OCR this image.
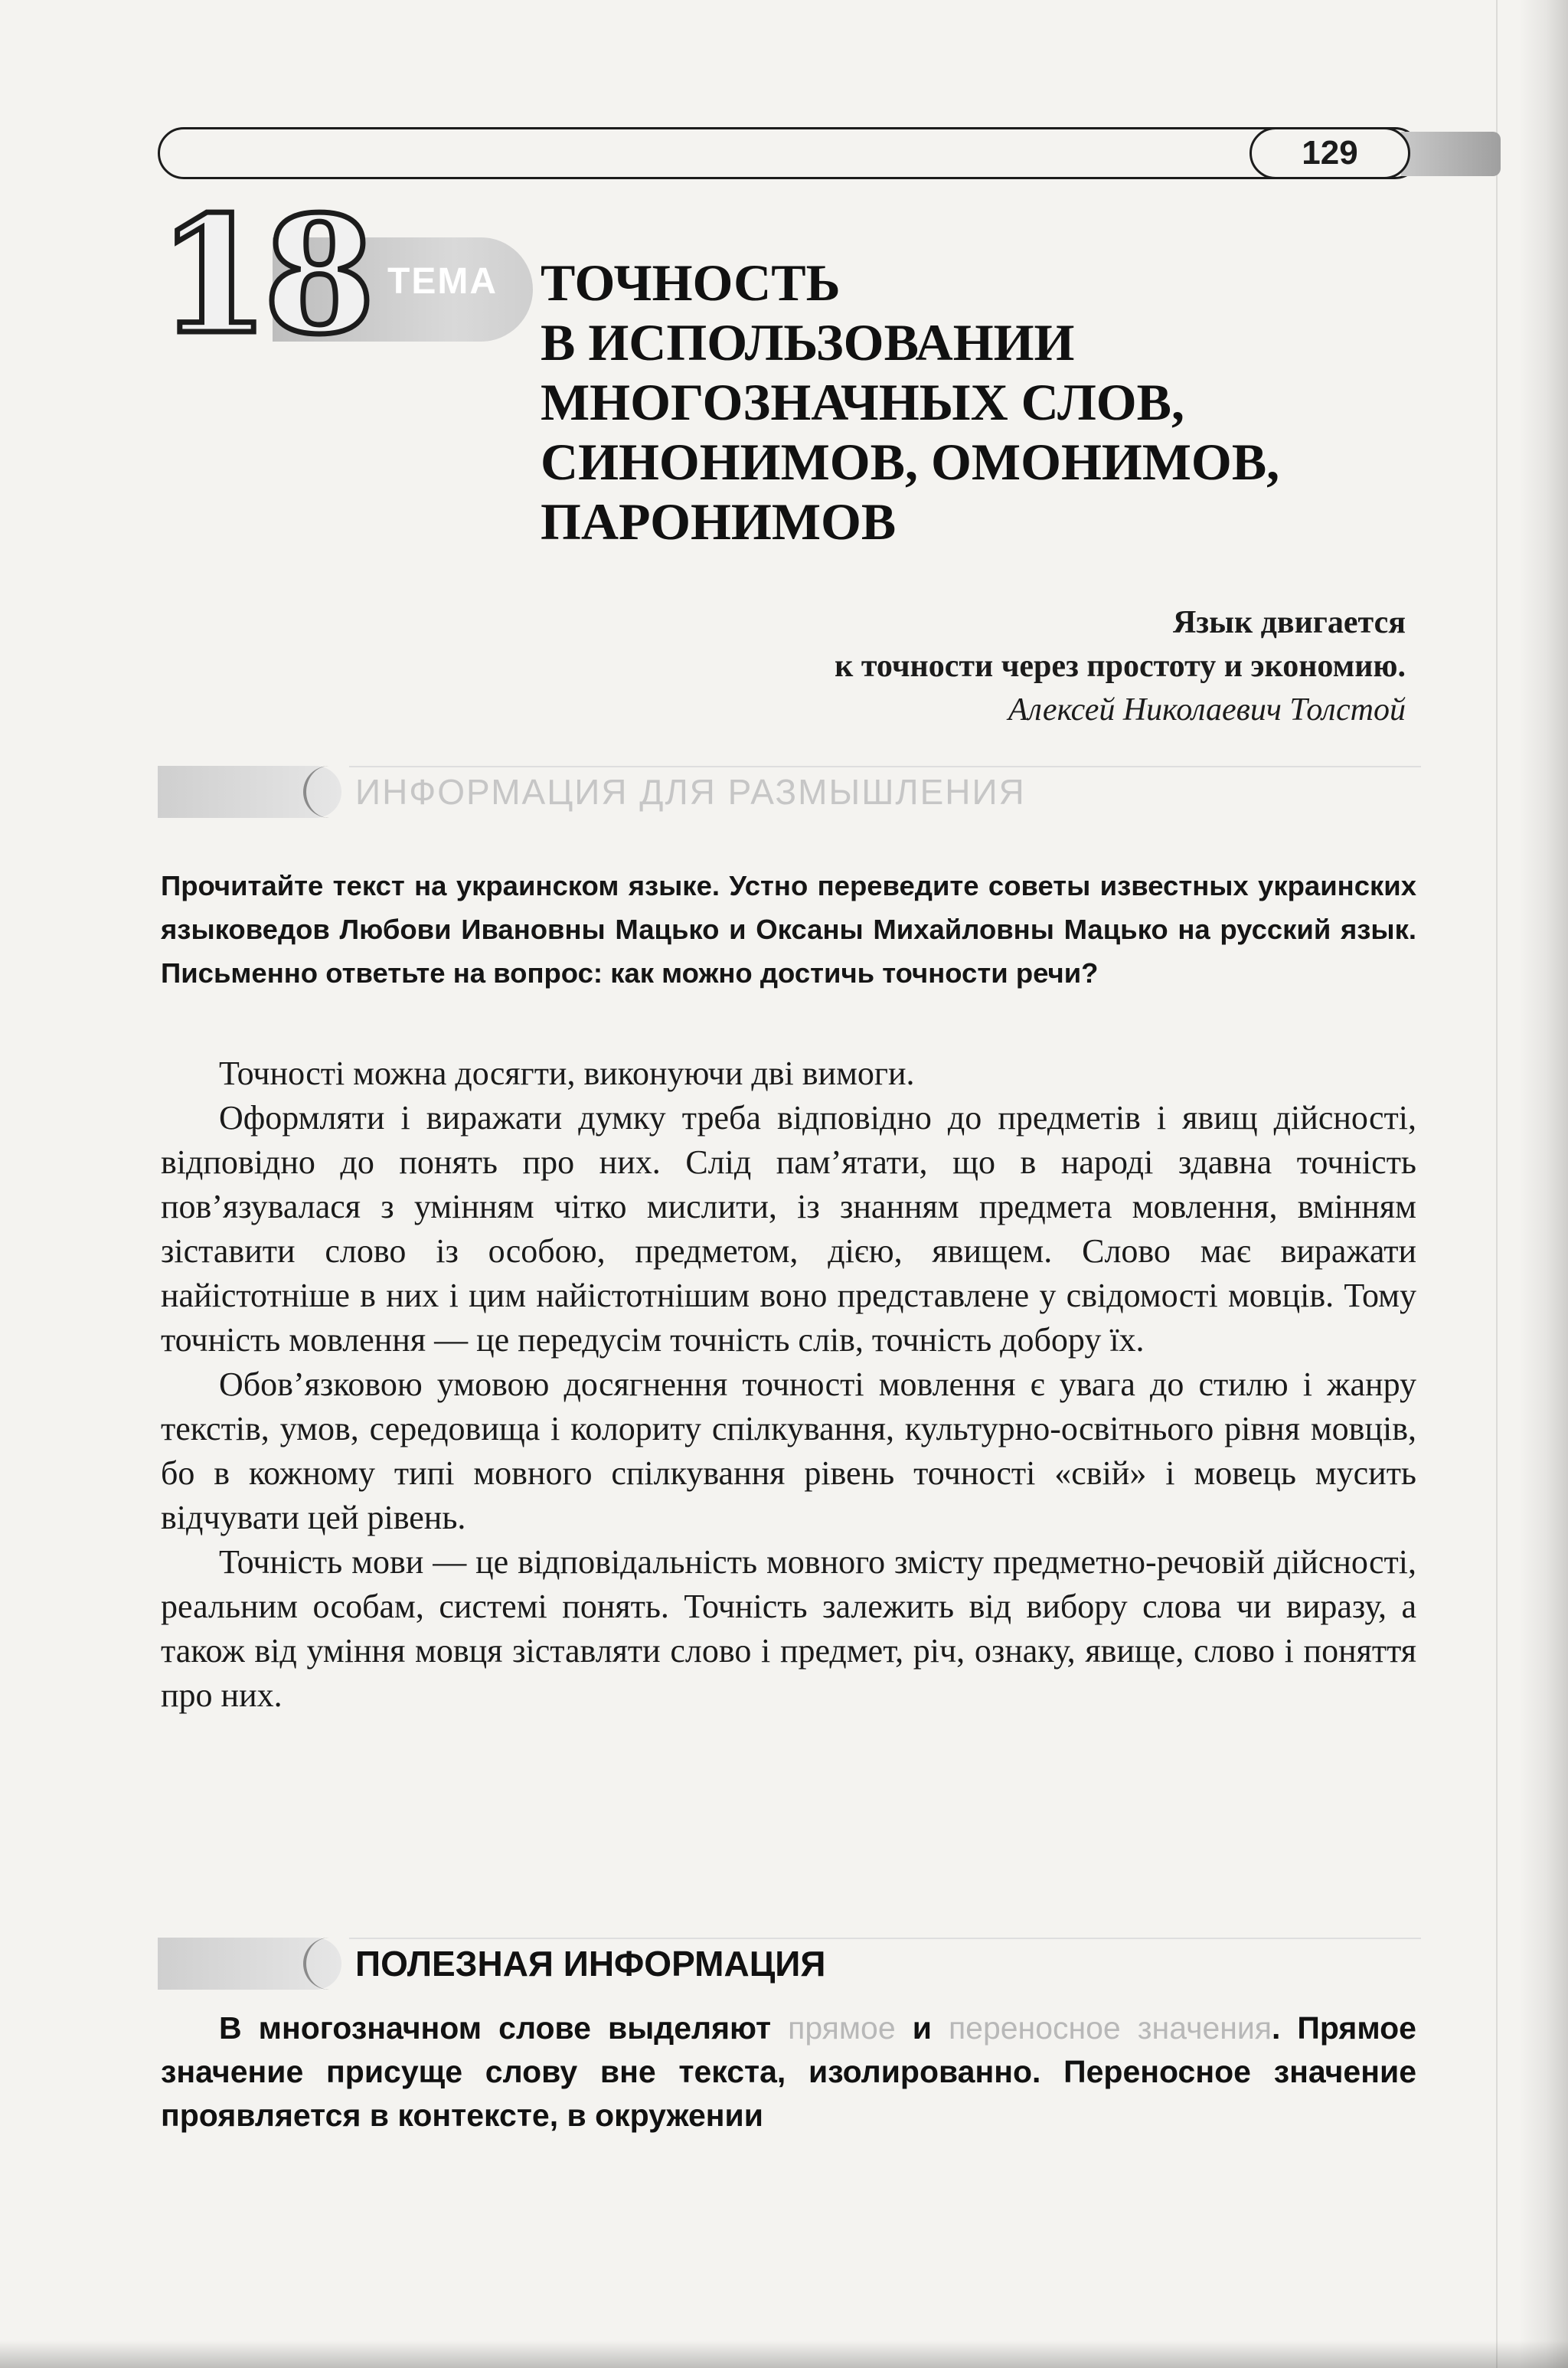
129
ТЕМА
18	ТОЧНОСТЬ
В ИСПОЛЬЗОВАНИИ
МНОГОЗНАЧНЫХ СЛОВ,
СИНОНИМОВ, ОМОНИМОВ,
ПАРОНИМОВ
Язык двигается
к точности через простоту и экономию.
Алексей Николаевич Толстой
ИНФОРМАЦИЯ ДЛЯ РАЗМЫШЛЕНИЯ
Прочитайте текст на украинском языке. Устно переведите советы известных украинских языковедов Любови Ивановны Мацько и Оксаны Михайловны Мацько на русский язык. Письменно ответьте на вопрос: как можно достичь точности речи?

Точності можна досягти, виконуючи дві вимоги.

Оформляти і виражати думку треба відповідно до предметів і явищ дійсності, відповідно до понять про них. Слід пам’ятати, що в народі здавна точність пов’язувалася з умінням чітко мислити, із знанням предмета мовлення, вмінням зіставити слово із особою, предметом, дією, явищем. Слово має виражати найістотніше в них і цим найістотнішим воно представлене у свідомості мовців. Тому точність мовлення — це передусім точність слів, точність добору їх.

Обов’язковою умовою досягнення точності мовлення є увага до стилю і жанру текстів, умов, середовища і колориту спілкування, культурно-освітнього рівня мовців, бо в кожному типі мовного спілкування рівень точності «свій» і мовець мусить відчувати цей рівень.

Точність мови — це відповідальність мовного змісту предметно-речовій дійсності, реальним особам, системі понять. Точність залежить від вибору слова чи виразу, а також від уміння мовця зіставляти слово і предмет, річ, ознаку, явище, слово і поняття про них.

ПОЛЕЗНАЯ ИНФОРМАЦИЯ
В многозначном слове выделяют прямое и переносное значения. Прямое значение присуще слову вне текста, изолированно. Переносное значение проявляется в контексте, в окружении
